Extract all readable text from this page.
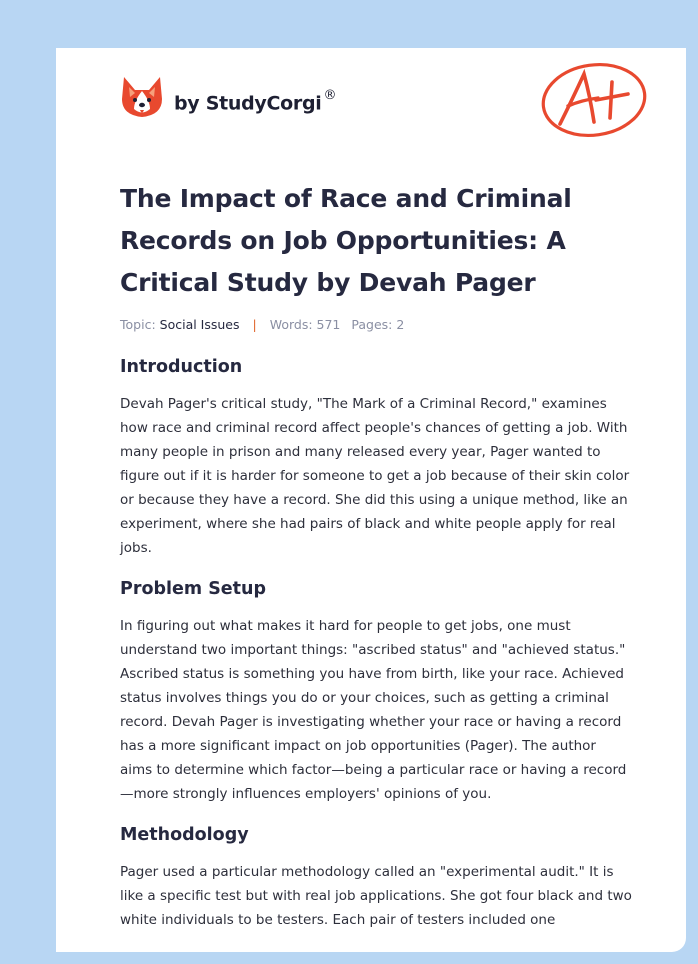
by StudyCorgi ®
The Impact of Race and Criminal Records on Job Opportunities: A Critical Study by Devah Pager
Topic: Social Issues | Words: 571 Pages: 2
Introduction

Devah Pager's critical study, "The Mark of a Criminal Record," examines how race and criminal record affect people's chances of getting a job. With many people in prison and many released every year, Pager wanted to figure out if it is harder for someone to get a job because of their skin color or because they have a record. She did this using a unique method, like an experiment, where she had pairs of black and white people apply for real jobs.

Problem Setup

In figuring out what makes it hard for people to get jobs, one must understand two important things: "ascribed status" and "achieved status." Ascribed status is something you have from birth, like your race. Achieved status involves things you do or your choices, such as getting a criminal record. Devah Pager is investigating whether your race or having a record has a more significant impact on job opportunities (Pager). The author aims to determine which factor—being a particular race or having a record—more strongly influences employers' opinions of you.

Methodology

Pager used a particular methodology called an "experimental audit." It is like a specific test but with real job applications. She got four black and two white individuals to be testers. Each pair of testers included one
